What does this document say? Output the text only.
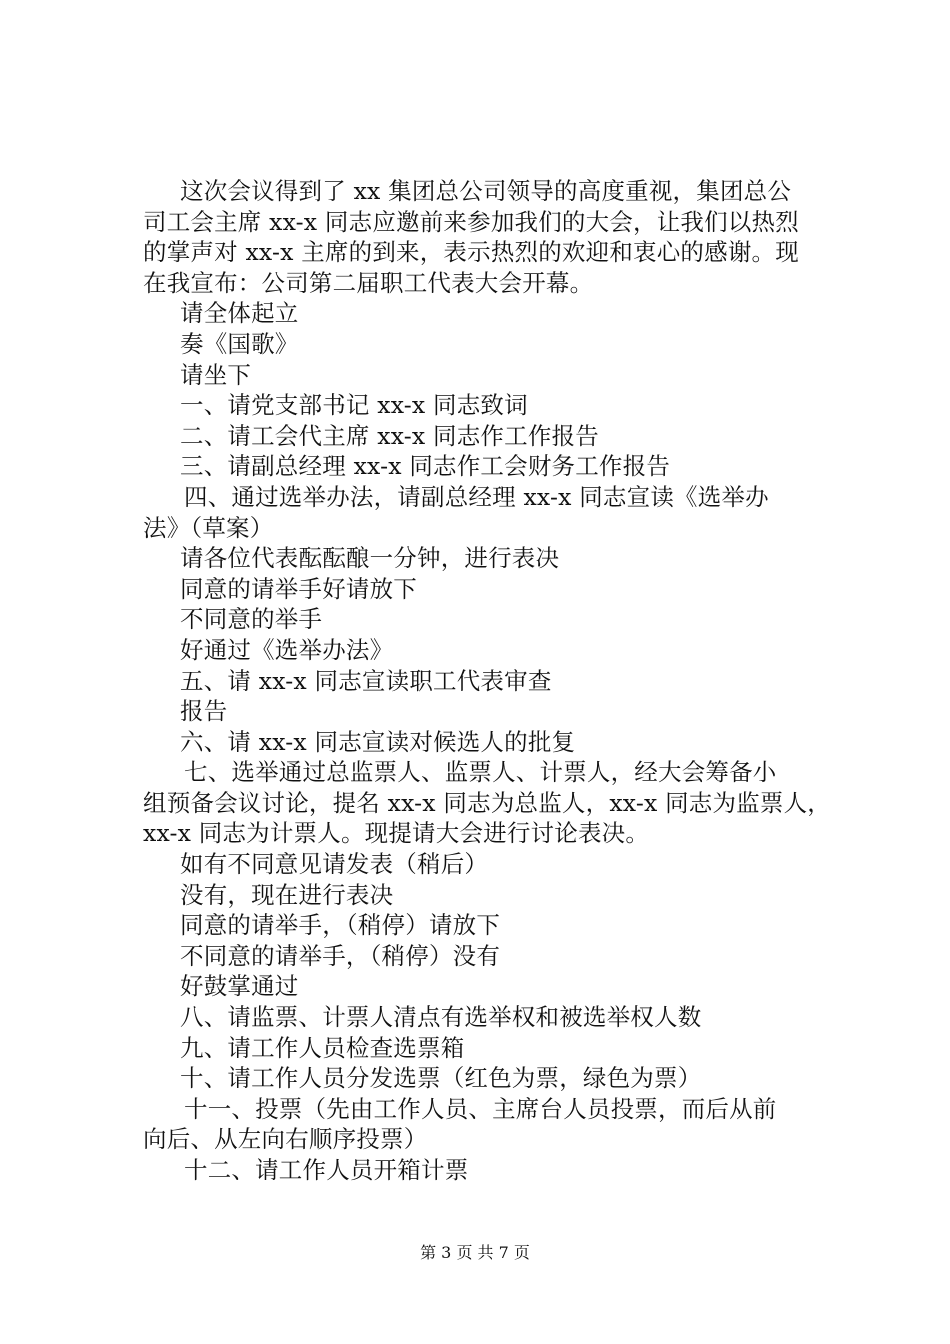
这次会议得到了 xx 集团总公司领导的高度重视，集团总公
司工会主席 xx-x 同志应邀前来参加我们的大会，让我们以热烈
的掌声对 xx-x 主席的到来，表示热烈的欢迎和衷心的感谢。现
在我宣布：公司第二届职工代表大会开幕。
请全体起立
奏《国歌》
请坐下
一、请党支部书记 xx-x 同志致词
二、请工会代主席 xx-x 同志作工作报告
三、请副总经理 xx-x 同志作工会财务工作报告
四、通过选举办法，请副总经理 xx-x 同志宣读《选举办
法》（草案）
请各位代表酝酝酿一分钟，进行表决
同意的请举手好请放下
不同意的举手
好通过《选举办法》
五、请 xx-x 同志宣读职工代表审查
报告
六、请 xx-x 同志宣读对候选人的批复
七、选举通过总监票人、监票人、计票人，经大会筹备小
组预备会议讨论，提名 xx-x 同志为总监人，xx-x 同志为监票人，
xx-x 同志为计票人。现提请大会进行讨论表决。
如有不同意见请发表（稍后）
没有，现在进行表决
同意的请举手，（稍停）请放下
不同意的请举手，（稍停）没有
好鼓掌通过
八、请监票、计票人清点有选举权和被选举权人数
九、请工作人员检查选票箱
十、请工作人员分发选票（红色为票，绿色为票）
十一、投票（先由工作人员、主席台人员投票，而后从前
向后、从左向右顺序投票）
十二、请工作人员开箱计票
第 3 页 共 7 页
